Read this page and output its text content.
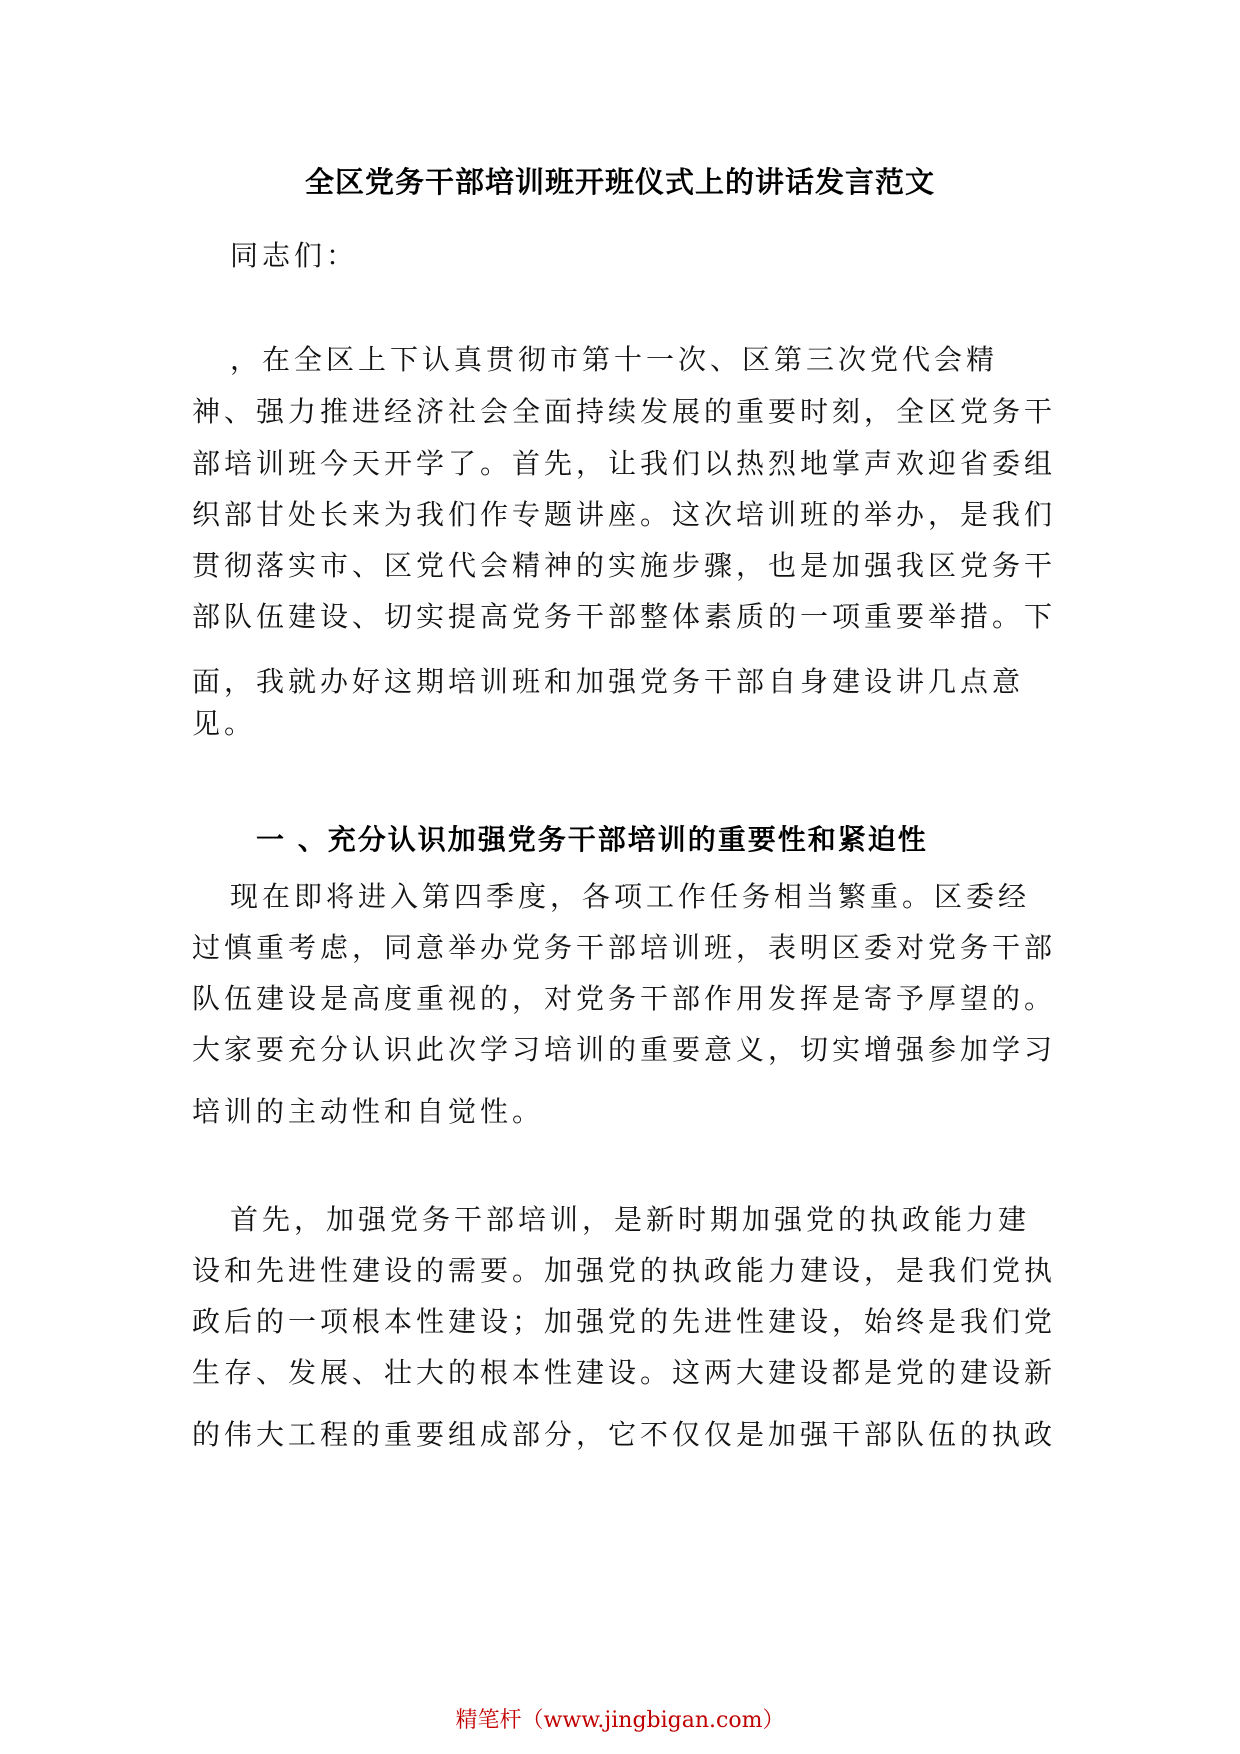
全区党务干部培训班开班仪式上的讲话发言范文
同志们：
，在全区上下认真贯彻市第十一次、区第三次党代会精
神、强力推进经济社会全面持续发展的重要时刻，全区党务干
部培训班今天开学了。首先，让我们以热烈地掌声欢迎省委组
织部甘处长来为我们作专题讲座。这次培训班的举办，是我们
贯彻落实市、区党代会精神的实施步骤，也是加强我区党务干
部队伍建设、切实提高党务干部整体素质的一项重要举措。下
面，我就办好这期培训班和加强党务干部自身建设讲几点意
见。
一 、充分认识加强党务干部培训的重要性和紧迫性
现在即将进入第四季度，各项工作任务相当繁重。区委经
过慎重考虑，同意举办党务干部培训班，表明区委对党务干部
队伍建设是高度重视的，对党务干部作用发挥是寄予厚望的。
大家要充分认识此次学习培训的重要意义，切实增强参加学习
培训的主动性和自觉性。
首先，加强党务干部培训，是新时期加强党的执政能力建
设和先进性建设的需要。加强党的执政能力建设，是我们党执
政后的一项根本性建设；加强党的先进性建设，始终是我们党
生存、发展、壮大的根本性建设。这两大建设都是党的建设新
的伟大工程的重要组成部分，它不仅仅是加强干部队伍的执政
精笔杆（www.jingbigan.com）
